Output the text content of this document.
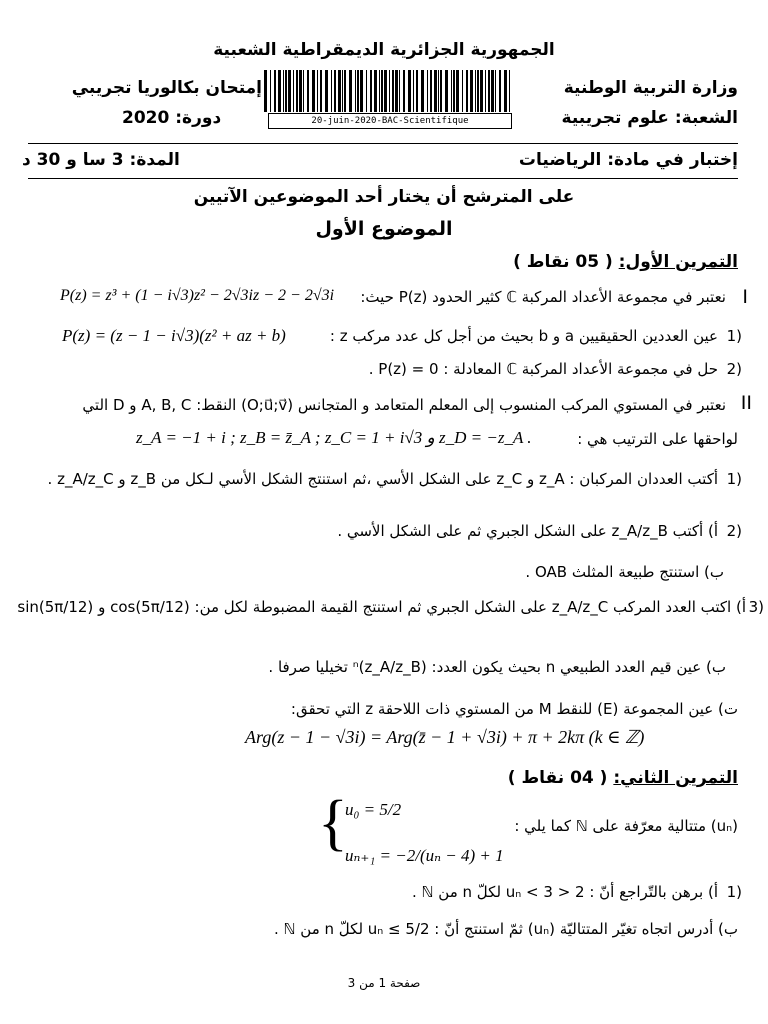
الجمهورية الجزائرية الديمقراطية الشعبية
وزارة التربية الوطنية
الشعبة: علوم تجريبية
إمتحان بكالوريا تجريبي
دورة: 2020	20-juin-2020-BAC-Scientifique
إختبار في مادة: الرياضيات
المدة: 3 سا و 30 د
على المترشح أن يختار أحد الموضوعين الآتيين
الموضوع الأول
التمرين الأول: ( 05 نقاط )
I
نعتبر في مجموعة الأعداد المركبة ℂ كثير الحدود P(z) حيث:
P(z) = z³ + (1 − i√3)z² − 2√3iz − 2 − 2√3i
1)
عين العددين الحقيقيين a و b بحيث من أجل كل عدد مركب z :
P(z) = (z − 1 − i√3)(z² + az + b)
2)
حل في مجموعة الأعداد المركبة ℂ المعادلة : P(z) = 0 .
II
نعتبر في المستوي المركب المنسوب إلى المعلم المتعامد و المتجانس (O;u⃗;v⃗) النقط: A, B, C و D التي
لواحقها على الترتيب هي :
z_A = −1 + i ; z_B = z̄_A ; z_C = 1 + i√3 و z_D = −z_A .
1)
أكتب العددان المركبان : z_A و z_C على الشكل الأسي ،ثم استنتج الشكل الأسي لـكل من z_B و z_A/z_C .
2)
أ) أكتب z_A/z_B على الشكل الجبري ثم على الشكل الأسي .
ب) استنتج طبيعة المثلث OAB .
3)
أ) اكتب العدد المركب z_A/z_C على الشكل الجبري ثم استنتج القيمة المضبوطة لكل من: cos(5π/12) و sin(5π/12)
ب) عين قيم العدد الطبيعي n بحيث يكون العدد: (z_A/z_B)ⁿ تخيليا صرفا .
ت) عين المجموعة (E) للنقط M من المستوي ذات اللاحقة z التي تحقق:
Arg(z − 1 − √3i) = Arg(z̄ − 1 + √3i) + π + 2kπ (k ∈ ℤ)
التمرين الثاني: ( 04 نقاط )
{
u₀ = 5/2
uₙ₊₁ = −2/(uₙ − 4) + 1
(uₙ) متتالية معرّفة على ℕ كما يلي :
1)
أ) برهن بالتّراجع أنّ : 2 < uₙ < 3 لكلّ n من ℕ .
ب) أدرس اتجاه تغيّر المتتاليّة (uₙ) ثمّ استنتج أنّ : uₙ ≤ 5/2 لكلّ n من ℕ .
صفحة 1 من 3
